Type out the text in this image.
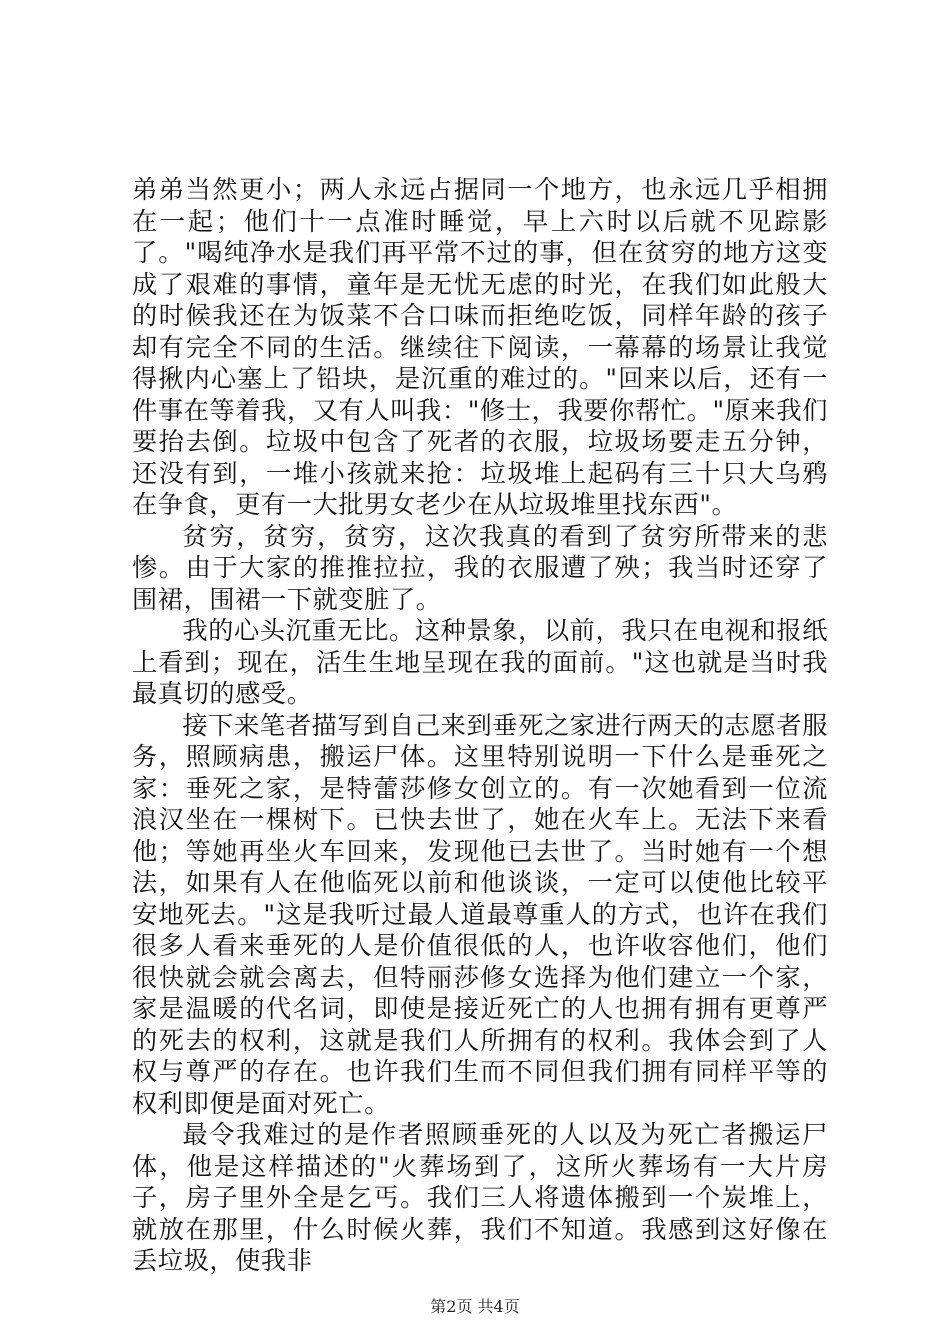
弟弟当然更小；两人永远占据同一个地方，也永远几乎相拥在一起；他们十一点准时睡觉，早上六时以后就不见踪影了。"喝纯净水是我们再平常不过的事，但在贫穷的地方这变成了艰难的事情，童年是无忧无虑的时光，在我们如此般大的时候我还在为饭菜不合口味而拒绝吃饭，同样年龄的孩子却有完全不同的生活。继续往下阅读，一幕幕的场景让我觉得揪内心塞上了铅块，是沉重的难过的。"回来以后，还有一件事在等着我，又有人叫我："修士，我要你帮忙。"原来我们要抬去倒。垃圾中包含了死者的衣服，垃圾场要走五分钟，还没有到，一堆小孩就来抢：垃圾堆上起码有三十只大乌鸦在争食，更有一大批男女老少在从垃圾堆里找东西"。

贫穷，贫穷，贫穷，这次我真的看到了贫穷所带来的悲惨。由于大家的推推拉拉，我的衣服遭了殃；我当时还穿了围裙，围裙一下就变脏了。

我的心头沉重无比。这种景象，以前，我只在电视和报纸上看到；现在，活生生地呈现在我的面前。"这也就是当时我最真切的感受。

接下来笔者描写到自己来到垂死之家进行两天的志愿者服务，照顾病患，搬运尸体。这里特别说明一下什么是垂死之家：垂死之家，是特蕾莎修女创立的。有一次她看到一位流浪汉坐在一棵树下。已快去世了，她在火车上。无法下来看他；等她再坐火车回来，发现他已去世了。当时她有一个想法，如果有人在他临死以前和他谈谈，一定可以使他比较平安地死去。"这是我听过最人道最尊重人的方式，也许在我们很多人看来垂死的人是价值很低的人，也许收容他们，他们很快就会就会离去，但特丽莎修女选择为他们建立一个家，家是温暖的代名词，即使是接近死亡的人也拥有拥有更尊严的死去的权利，这就是我们人所拥有的权利。我体会到了人权与尊严的存在。也许我们生而不同但我们拥有同样平等的权利即便是面对死亡。

最令我难过的是作者照顾垂死的人以及为死亡者搬运尸体，他是这样描述的"火葬场到了，这所火葬场有一大片房子，房子里外全是乞丐。我们三人将遗体搬到一个炭堆上，就放在那里，什么时候火葬，我们不知道。我感到这好像在丢垃圾，使我非

第2页 共4页
